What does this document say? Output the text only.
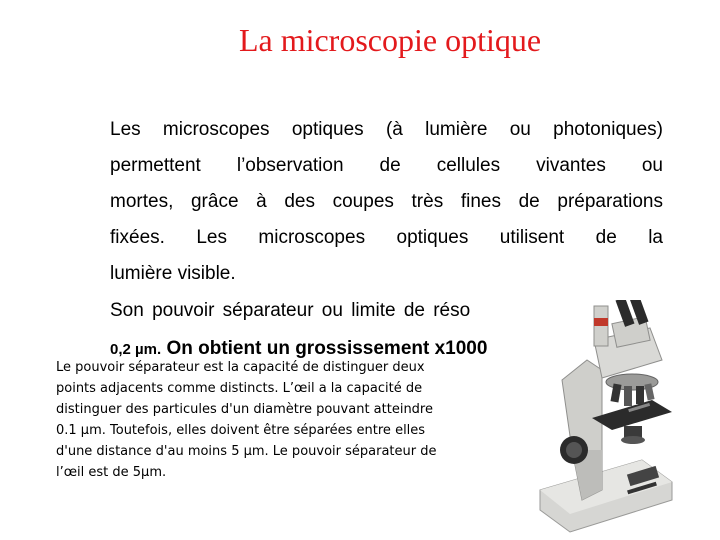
La microscopie optique
Les microscopes optiques (à lumière ou photoniques)
permettent l’observation de cellules vivantes ou
mortes, grâce à des coupes très fines de préparations
fixées. Les microscopes optiques utilisent de la
lumière visible.
Son pouvoir séparateur ou limite de réso
0,2 µm. On obtient un grossissement x1000

Le pouvoir séparateur est la capacité de distinguer deux points adjacents comme distincts. L’œil a la capacité de distinguer des particules d'un diamètre pouvant atteindre 0.1 µm. Toutefois, elles doivent être séparées entre elles d'une distance d'au moins 5 µm. Le pouvoir séparateur de l’œil est de 5µm.
